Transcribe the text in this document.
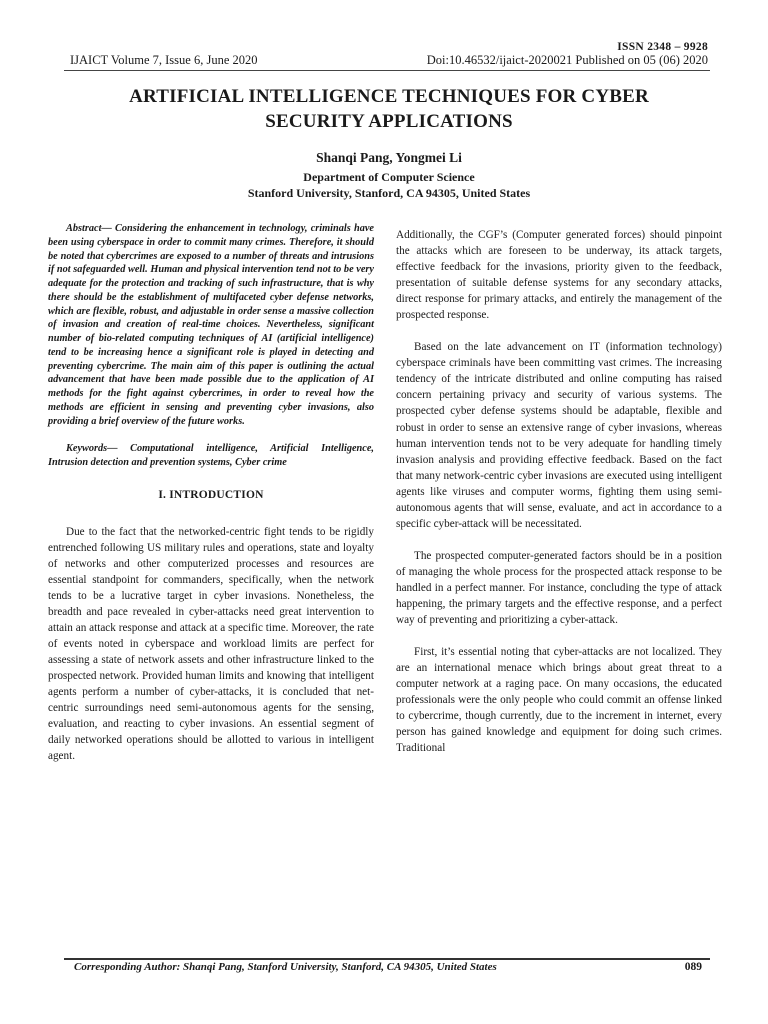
ISSN 2348 – 9928
IJAICT Volume 7, Issue 6, June 2020	Doi:10.46532/ijaict-2020021 Published on 05 (06) 2020
ARTIFICIAL INTELLIGENCE TECHNIQUES FOR CYBER
SECURITY APPLICATIONS
Shanqi Pang, Yongmei Li
Department of Computer Science
Stanford University, Stanford, CA 94305, United States

Abstract— Considering the enhancement in technology, criminals have been using cyberspace in order to commit many crimes. Therefore, it should be noted that cybercrimes are exposed to a number of threats and intrusions if not safeguarded well. Human and physical intervention tend not to be very adequate for the protection and tracking of such infrastructure, that is why there should be the establishment of multifaceted cyber defense networks, which are flexible, robust, and adjustable in order sense a massive collection of invasion and creation of real-time choices. Nevertheless, significant number of bio-related computing techniques of AI (artificial intelligence) tend to be increasing hence a significant role is played in detecting and preventing cybercrime. The main aim of this paper is outlining the actual advancement that have been made possible due to the application of AI methods for the fight against cybercrimes, in order to reveal how the methods are efficient in sensing and preventing cyber invasions, also providing a brief overview of the future works.

Keywords— Computational intelligence, Artificial Intelligence, Intrusion detection and prevention systems, Cyber crime

I. INTRODUCTION

Due to the fact that the networked-centric fight tends to be rigidly entrenched following US military rules and operations, state and loyalty of networks and other computerized processes and resources are essential standpoint for commanders, specifically, when the network tends to be a lucrative target in cyber invasions. Nonetheless, the breadth and pace revealed in cyber-attacks need great intervention to attain an attack response and attack at a specific time. Moreover, the rate of events noted in cyberspace and workload limits are perfect for assessing a state of network assets and other infrastructure linked to the prospected network. Provided human limits and knowing that intelligent agents perform a number of cyber-attacks, it is concluded that net-centric surroundings need semi-autonomous agents for the sensing, evaluation, and reacting to cyber invasions. An essential segment of daily networked operations should be allotted to various in intelligent agent.

Additionally, the CGF’s (Computer generated forces) should pinpoint the attacks which are foreseen to be underway, its attack targets, effective feedback for the invasions, priority given to the feedback, presentation of suitable defense systems for any secondary attacks, direct response for primary attacks, and entirely the management of the prospected response.

Based on the late advancement on IT (information technology) cyberspace criminals have been committing vast crimes. The increasing tendency of the intricate distributed and online computing has raised concern pertaining privacy and security of various systems. The prospected cyber defense systems should be adaptable, flexible and robust in order to sense an extensive range of cyber invasions, whereas human intervention tends not to be very adequate for handling timely invasion analysis and providing effective feedback. Based on the fact that many network-centric cyber invasions are executed using intelligent agents like viruses and computer worms, fighting them using semi-autonomous agents that will sense, evaluate, and act in accordance to a specific cyber-attack will be necessitated.

The prospected computer-generated factors should be in a position of managing the whole process for the prospected attack response to be handled in a perfect manner. For instance, concluding the type of attack happening, the primary targets and the effective response, and a perfect way of preventing and prioritizing a cyber-attack.

First, it’s essential noting that cyber-attacks are not localized. They are an international menace which brings about great threat to a computer network at a raging pace. On many occasions, the educated professionals were the only people who could commit an offense linked to cybercrime, though currently, due to the increment in internet, every person has gained knowledge and equipment for doing such crimes. Traditional

Corresponding Author: Shanqi Pang, Stanford University, Stanford, CA 94305, United States	089
